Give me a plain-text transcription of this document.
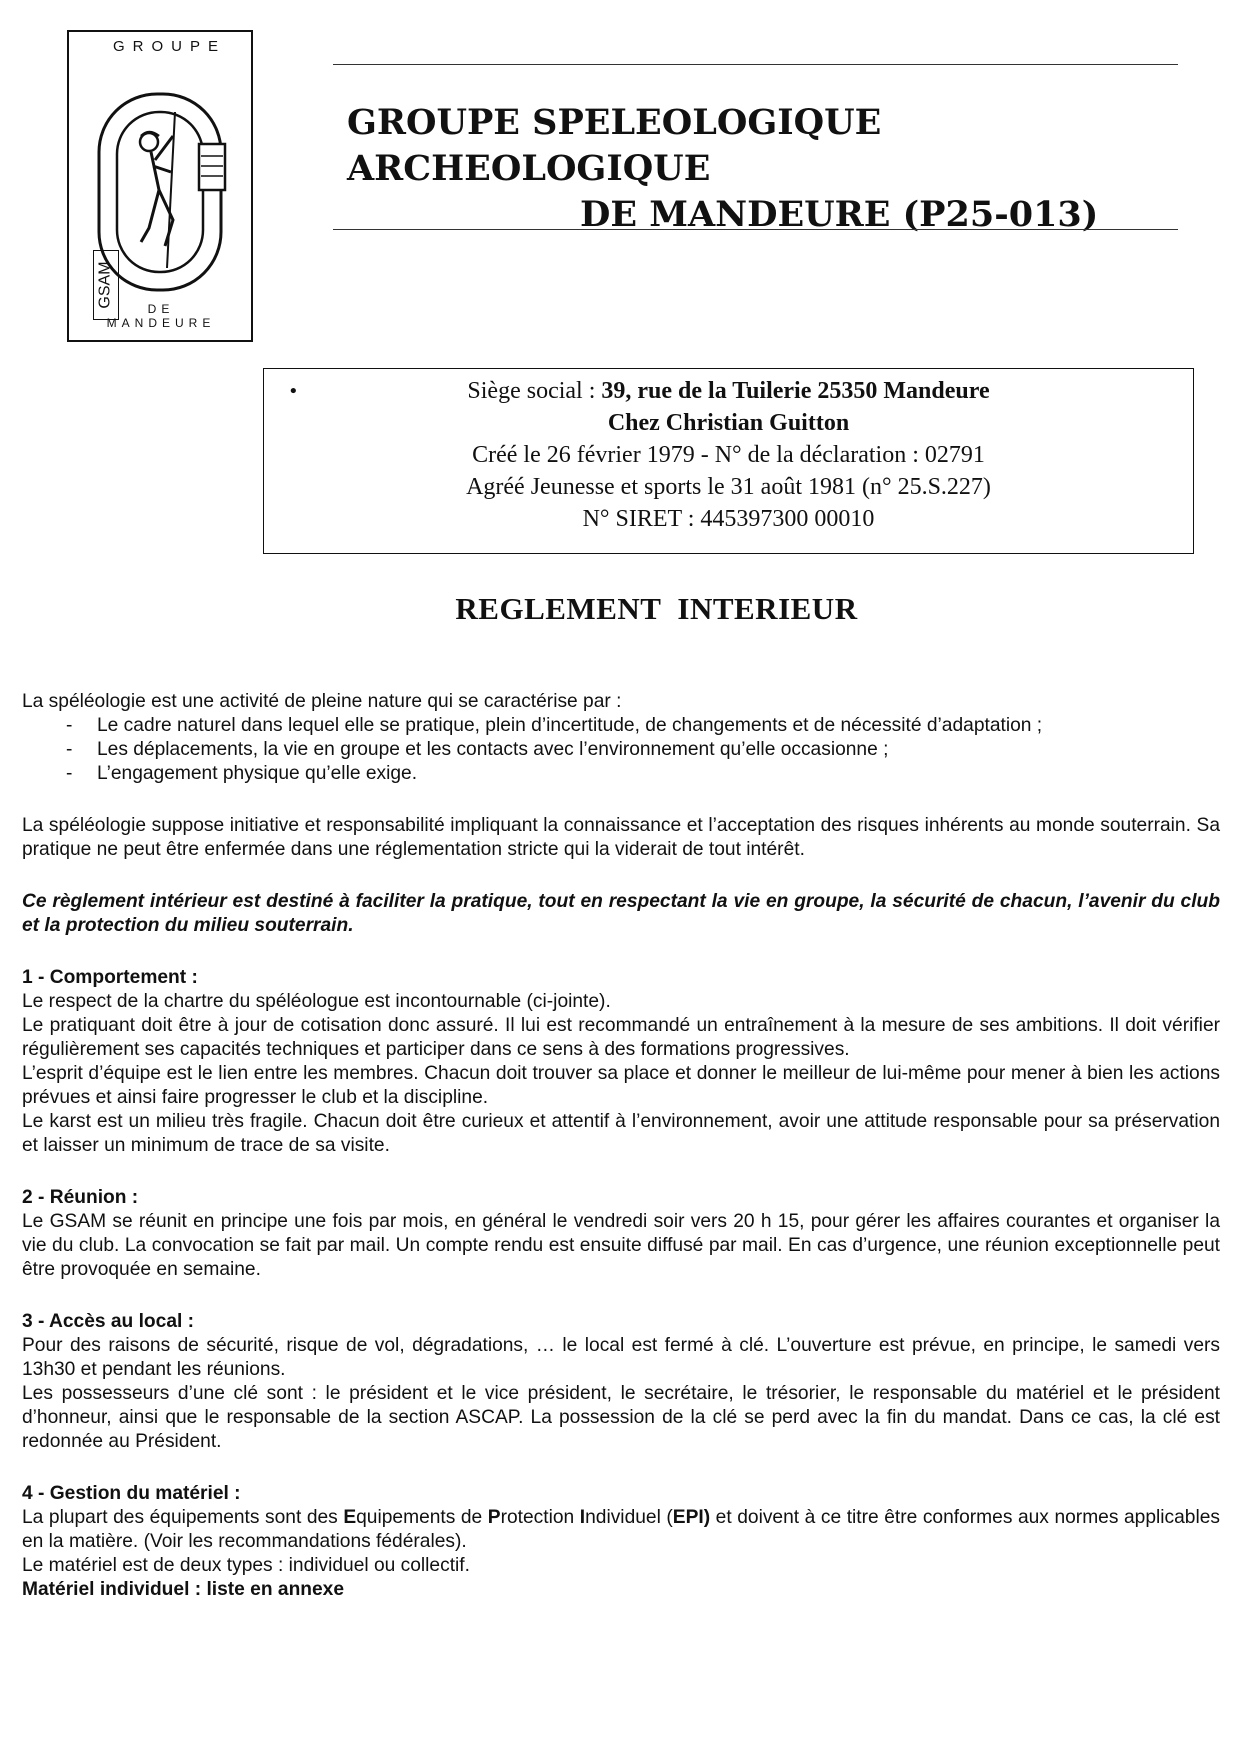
GSAM
GROUPE
DE MANDEURE
GROUPE SPELEOLOGIQUE ARCHEOLOGIQUE
DE MANDEURE (P25-013)
•	Siège social : 39, rue de la Tuilerie 25350 Mandeure
Chez Christian Guitton
Créé le 26 février 1979 - N° de la déclaration : 02791
Agréé Jeunesse et sports le 31 août 1981 (n° 25.S.227)
N° SIRET : 445397300 00010
REGLEMENT  INTERIEUR

La spéléologie est une activité de pleine nature qui se caractérise par :

- Le cadre naturel dans lequel elle se pratique, plein d’incertitude, de changements et de nécessité d’adaptation ;
- Les déplacements, la vie en groupe et les contacts avec l’environnement qu’elle occasionne ;
- L’engagement physique qu’elle exige.

La spéléologie suppose initiative et responsabilité impliquant la connaissance et l’acceptation des risques inhérents au monde souterrain. Sa pratique ne peut être enfermée dans une réglementation stricte qui la viderait de tout intérêt.

Ce règlement intérieur est destiné à faciliter la pratique, tout en respectant la vie en groupe, la sécurité de chacun, l’avenir du club et la protection du milieu souterrain.

1 - Comportement :

Le respect de la chartre du spéléologue est incontournable (ci-jointe).

Le pratiquant doit être à jour de cotisation donc assuré. Il lui est recommandé un entraînement à la mesure de ses ambitions. Il doit vérifier régulièrement ses capacités techniques et participer dans ce sens à des formations progressives.

L’esprit d’équipe est le lien entre les membres. Chacun doit trouver sa place et donner le meilleur de lui-même pour mener à bien les actions prévues et ainsi faire progresser le club et la discipline.

Le karst est un milieu très fragile. Chacun doit être curieux et attentif à l’environnement, avoir une attitude responsable pour sa préservation et laisser un minimum de trace de sa visite.

2 - Réunion :

Le GSAM se réunit en principe une fois par mois, en général le vendredi soir vers 20 h 15, pour gérer les affaires courantes et organiser la vie du club. La convocation se fait par mail. Un compte rendu est ensuite diffusé par mail. En cas d’urgence, une réunion exceptionnelle peut être provoquée en semaine.

3 - Accès au local :

Pour des raisons de sécurité, risque de vol, dégradations, … le local est fermé à clé. L’ouverture est prévue, en principe, le samedi vers 13h30 et pendant les réunions.

Les possesseurs d’une clé sont : le président et le vice président, le secrétaire, le trésorier, le responsable du matériel et le président d’honneur, ainsi que le responsable de la section ASCAP. La possession de la clé se perd avec la fin du mandat. Dans ce cas, la clé est redonnée au Président.

4 - Gestion du matériel :

La plupart des équipements sont des Equipements de Protection Individuel (EPI) et doivent à ce titre être conformes aux normes applicables en la matière. (Voir les recommandations fédérales).

Le matériel est de deux types : individuel ou collectif.

Matériel individuel : liste en annexe
